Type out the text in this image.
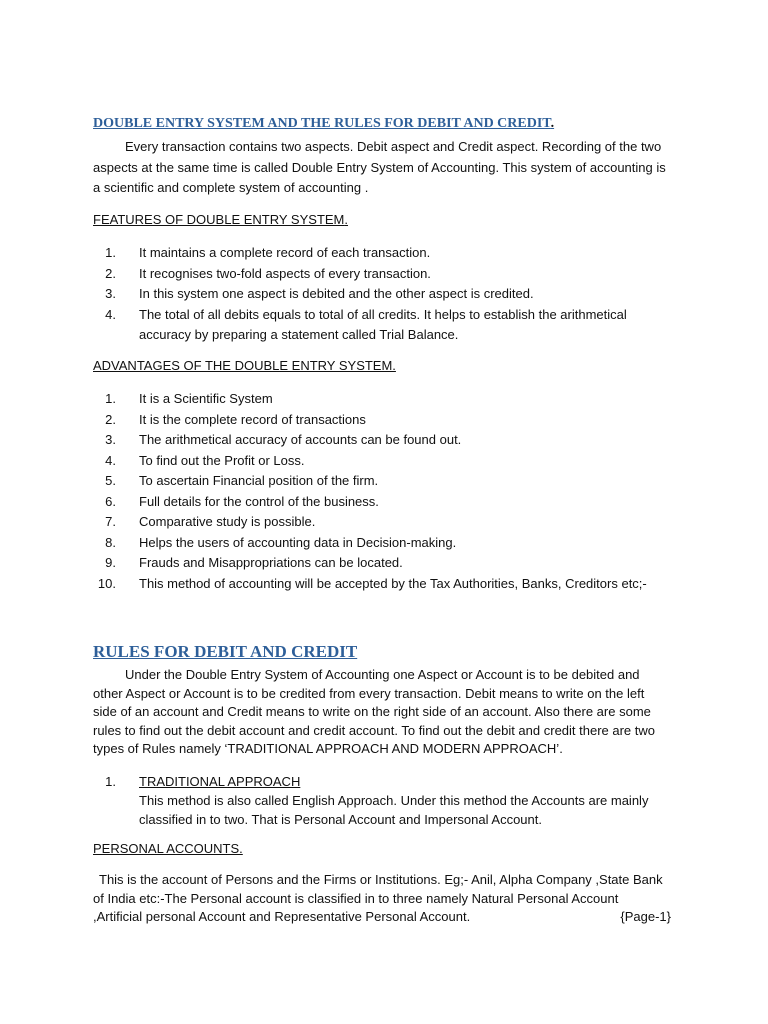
DOUBLE ENTRY SYSTEM AND THE RULES FOR DEBIT AND CREDIT.

Every transaction contains two aspects. Debit aspect and Credit aspect. Recording of the two aspects at the same time is called Double Entry System of Accounting. This system of accounting is a scientific and complete system of accounting .

FEATURES OF DOUBLE ENTRY SYSTEM.
1. It maintains a complete record of each transaction.
2. It recognises two-fold aspects of every transaction.
3. In this system one aspect is debited and the other aspect is credited.
4. The total of all debits equals to total of all credits. It helps to establish the arithmetical accuracy by preparing a statement called Trial Balance.
ADVANTAGES OF THE DOUBLE ENTRY SYSTEM.
1. It is a Scientific System
2. It is the complete record of transactions
3. The arithmetical accuracy of accounts can be found out.
4. To find out the Profit or Loss.
5. To ascertain Financial position of the firm.
6. Full details for the control of the business.
7. Comparative study is possible.
8. Helps the users of accounting data in Decision-making.
9. Frauds and Misappropriations can be located.
10. This method of accounting will be accepted by the Tax Authorities, Banks, Creditors etc;-
RULES FOR DEBIT AND CREDIT

Under the Double Entry System of Accounting one Aspect or Account is to be debited and other Aspect or Account is to be credited from every transaction. Debit means to write on the left side of an account and Credit means to write on the right side of an account. Also there are some rules to find out the debit account and credit account. To find out the debit and credit there are two types of Rules namely ‘TRADITIONAL APPROACH AND MODERN APPROACH’.

1. TRADITIONAL APPROACH
This method is also called English Approach. Under this method the Accounts are mainly classified in to two. That is Personal Account and Impersonal Account.
PERSONAL ACCOUNTS.

This is the account of Persons and the Firms or Institutions. Eg;- Anil, Alpha Company ,State Bank of India etc:-The Personal account is classified in to three namely Natural Personal Account ,Artificial personal Account and Representative Personal Account.	{Page-1}
